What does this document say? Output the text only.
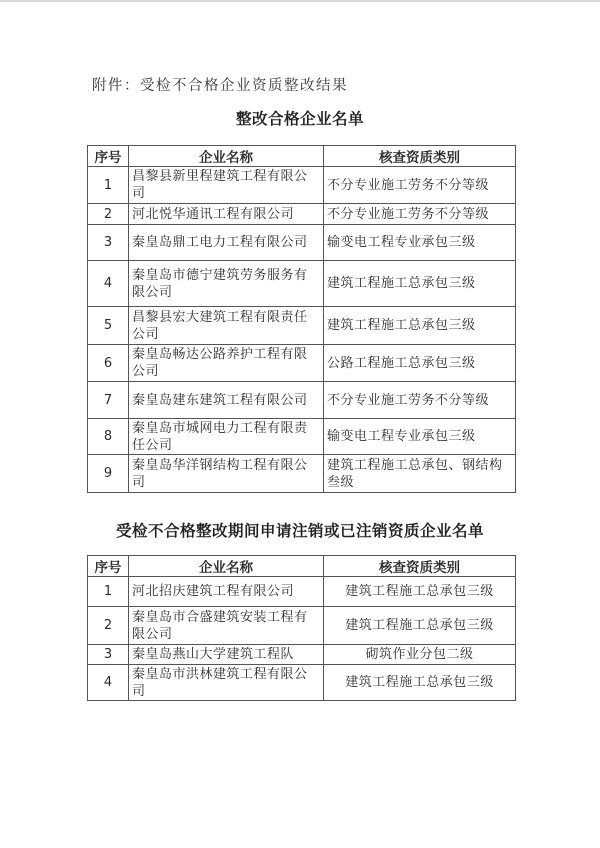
附件：受检不合格企业资质整改结果
整改合格企业名单
序号	企业名称	核查资质类别
1	昌黎县新里程建筑工程有限公司	不分专业施工劳务不分等级
2	河北悦华通讯工程有限公司	不分专业施工劳务不分等级
3	秦皇岛鼎工电力工程有限公司	输变电工程专业承包三级
4	秦皇岛市德宁建筑劳务服务有限公司	建筑工程施工总承包三级
5	昌黎县宏大建筑工程有限责任公司	建筑工程施工总承包三级
6	秦皇岛畅达公路养护工程有限公司	公路工程施工总承包三级
7	秦皇岛建东建筑工程有限公司	不分专业施工劳务不分等级
8	秦皇岛市城网电力工程有限责任公司	输变电工程专业承包三级
9	秦皇岛华洋钢结构工程有限公司	建筑工程施工总承包、钢结构叁级
受检不合格整改期间申请注销或已注销资质企业名单
序号	企业名称	核查资质类别
1	河北招庆建筑工程有限公司	建筑工程施工总承包三级
2	秦皇岛市合盛建筑安装工程有限公司	建筑工程施工总承包三级
3	秦皇岛燕山大学建筑工程队	砌筑作业分包二级
4	秦皇岛市洪林建筑工程有限公司	建筑工程施工总承包三级
